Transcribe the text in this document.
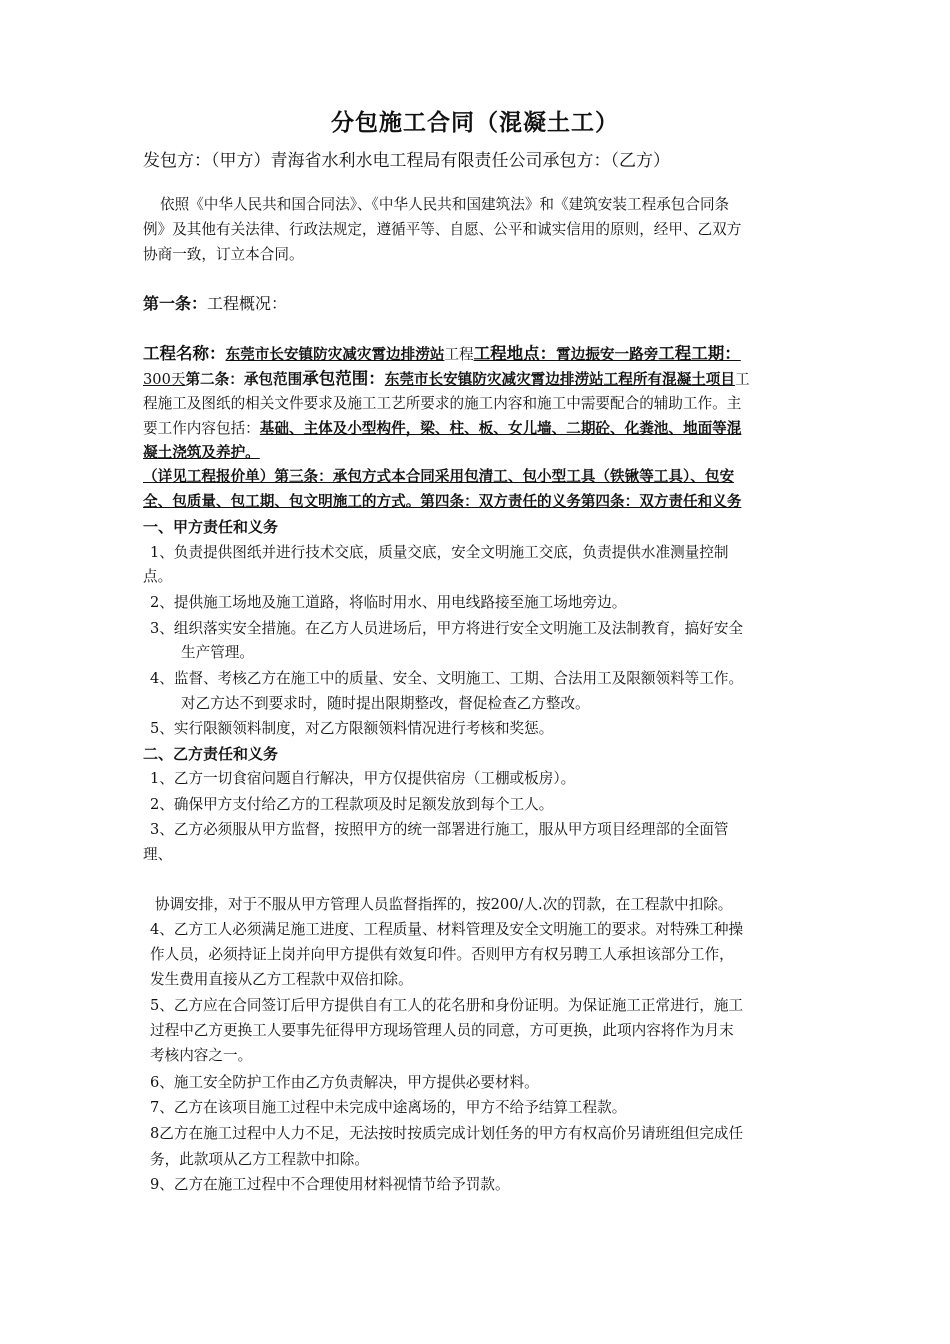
分包施工合同（混凝土工）
发包方：（甲方）青海省水利水电工程局有限责任公司承包方：（乙方）
依照《中华人民共和国合同法》、《中华人民共和国建筑法》和《建筑安装工程承包合同条
例》及其他有关法律、行政法规定，遵循平等、自愿、公平和诚实信用的原则，经甲、乙双方
协商一致，订立本合同。
第一条：工程概况：
工程名称：东莞市长安镇防灾减灾霄边排涝站工程工程地点：霄边振安一路旁工程工期：
300天第二条：承包范围承包范围：东莞市长安镇防灾减灾霄边排涝站工程所有混凝土项目工
程施工及图纸的相关文件要求及施工工艺所要求的施工内容和施工中需要配合的辅助工作。主
要工作内容包括：基础、主体及小型构件，梁、柱、板、女儿墙、二期砼、化粪池、地面等混
凝土浇筑及养护。
（详见工程报价单）第三条：承包方式本合同采用包清工、包小型工具（铁锹等工具）、包安
全、包质量、包工期、包文明施工的方式。第四条：双方责任的义务第四条：双方责任和义务
一、甲方责任和义务
1、负责提供图纸并进行技术交底，质量交底，安全文明施工交底，负责提供水准测量控制
点。
2、提供施工场地及施工道路，将临时用水、用电线路接至施工场地旁边。
3、组织落实安全措施。在乙方人员进场后，甲方将进行安全文明施工及法制教育，搞好安全
生产管理。
4、监督、考核乙方在施工中的质量、安全、文明施工、工期、合法用工及限额领料等工作。
对乙方达不到要求时，随时提出限期整改，督促检查乙方整改。
5、实行限额领料制度，对乙方限额领料情况进行考核和奖惩。
二、乙方责任和义务
1、乙方一切食宿问题自行解决，甲方仅提供宿房（工棚或板房）。
2、确保甲方支付给乙方的工程款项及时足额发放到每个工人。
3、乙方必须服从甲方监督，按照甲方的统一部署进行施工，服从甲方项目经理部的全面管
理、
协调安排，对于不服从甲方管理人员监督指挥的，按200/人.次的罚款，在工程款中扣除。
4、乙方工人必须满足施工进度、工程质量、材料管理及安全文明施工的要求。对特殊工种操
作人员，必须持证上岗并向甲方提供有效复印件。否则甲方有权另聘工人承担该部分工作，
发生费用直接从乙方工程款中双倍扣除。
5、乙方应在合同签订后甲方提供自有工人的花名册和身份证明。为保证施工正常进行，施工
过程中乙方更换工人要事先征得甲方现场管理人员的同意，方可更换，此项内容将作为月末
考核内容之一。
6、施工安全防护工作由乙方负责解决，甲方提供必要材料。
7、乙方在该项目施工过程中未完成中途离场的，甲方不给予结算工程款。
8乙方在施工过程中人力不足，无法按时按质完成计划任务的甲方有权高价另请班组但完成任
务，此款项从乙方工程款中扣除。
9、乙方在施工过程中不合理使用材料视情节给予罚款。
